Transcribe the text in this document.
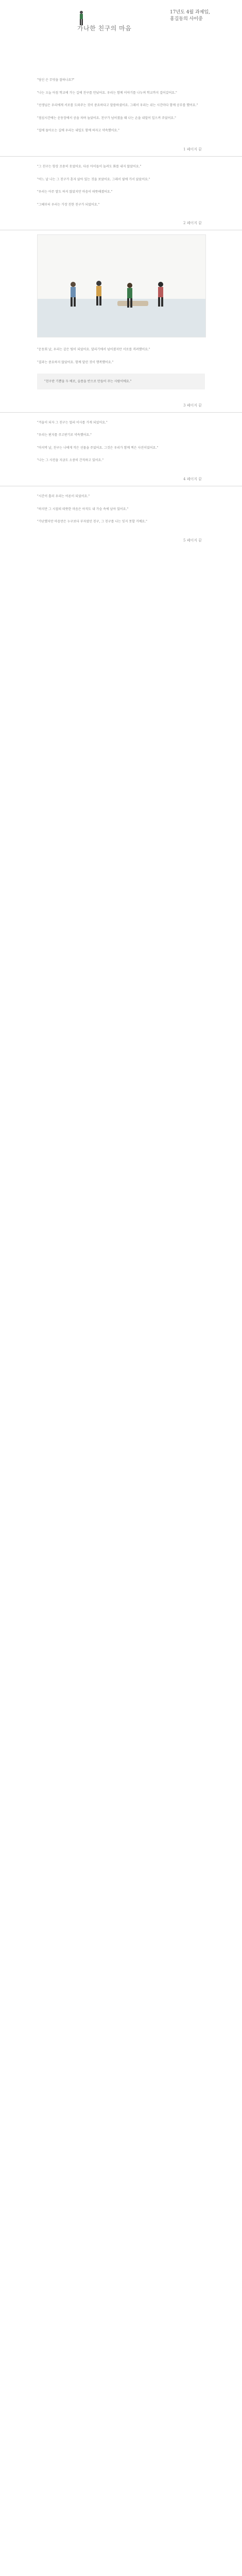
17년도 4월 과제입,
홍길동의 사이중
가나한 친구의 마음

"당신 은 무엇을 잘하나요?"

"나는 오늘 아침 학교에 가는 길에 친구를 만났어요. 우리는 함께 이야기를 나누며 학교까지 걸어갔어요."

"선생님은 우리에게 서로를 도와주는 것이 중요하다고 말씀하셨어요. 그래서 우리는 쉬는 시간마다 함께 공부를 했어요."

"점심시간에는 운동장에서 공을 차며 놀았어요. 친구가 넘어졌을 때 나는 손을 내밀어 일으켜 주었어요."

"집에 돌아오는 길에 우리는 내일도 함께 하자고 약속했어요."

1 페이지 끝

"그 친구는 항상 조용히 웃었어요. 다른 아이들이 놀려도 화를 내지 않았어요."

"어느 날 나는 그 친구가 혼자 앉아 있는 것을 보았어요. 그래서 옆에 가서 앉았어요."

"우리는 아무 말도 하지 않았지만 마음이 따뜻해졌어요."

"그때부터 우리는 가장 친한 친구가 되었어요."

2 페이지 끝

"운동회 날, 우리는 같은 팀이 되었어요. 달리기에서 넘어졌지만 서로를 격려했어요."

"결과는 중요하지 않았어요. 함께 달린 것이 행복했어요."

"친구란 기쁨을 두 배로, 슬픔을 반으로 만들어 주는 사람이에요."
3 페이지 끝

"겨울이 되자 그 친구는 멀리 이사를 가게 되었어요."

"우리는 편지를 주고받기로 약속했어요."

"마지막 날, 친구는 나에게 작은 선물을 주었어요. 그것은 우리가 함께 찍은 사진이었어요."

"나는 그 사진을 지금도 소중히 간직하고 있어요."

4 페이지 끝

"시간이 흘러 우리는 어른이 되었어요."

"하지만 그 시절의 따뜻한 마음은 아직도 내 가슴 속에 남아 있어요."

"가난했지만 마음만은 누구보다 부자였던 친구, 그 친구를 나는 잊지 못할 거예요."

5 페이지 끝
